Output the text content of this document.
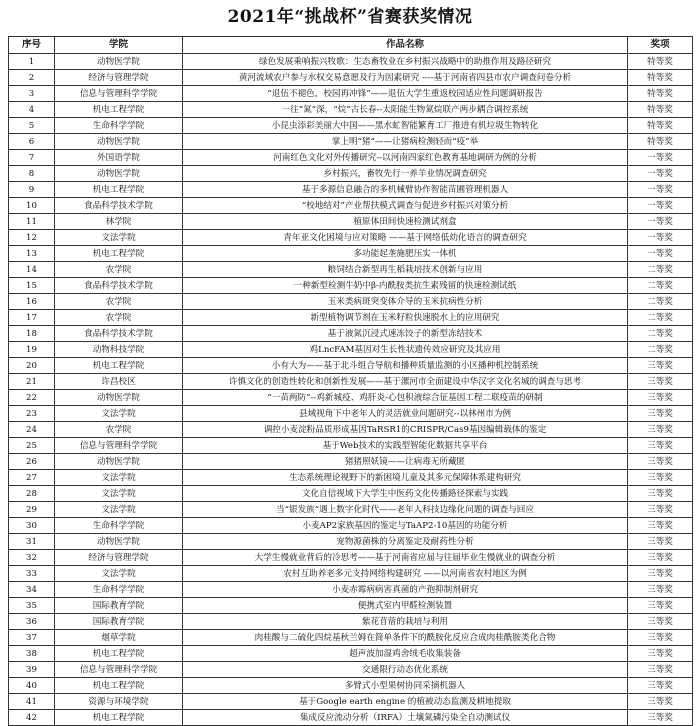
2021年“挑战杯”省赛获奖情况
序号	学院	作品名称	奖项
1	动物医学院	绿色发展乘响振兴牧歌：生态畜牧业在乡村振兴战略中的助推作用及路径研究	特等奖
2	经济与管理学院	黄河流域农户参与水权交易意愿及行为因素研究 ----基于河南省四县市农户调查问卷分析	特等奖
3	信息与管理科学学院	“退伍不褪色，校园再冲锋”——退伍大学生重返校园适应性问题调研报告	特等奖
4	机电工程学院	一往“氮”深，“烷”古长春--太阳能生物氮烷联产两步耦合调控系统	特等奖
5	生命科学学院	小昆虫添彩美丽大中国——黑水虻智能繁育工厂推进有机垃圾生物转化	特等奖
6	动物医学院	掌上明“猪”——让猪病检测轻而“疫”举	特等奖
7	外国语学院	河南红色文化对外传播研究--以河南四家红色教育基地调研为例的分析	一等奖
8	动物医学院	乡村振兴，畜牧先行一养羊业情况调查研究	一等奖
9	机电工程学院	基于多源信息融合的多机械臂协作智能苗圃管理机器人	一等奖
10	食品科学技术学院	“校地结对”产业帮扶模式调查与促进乡村振兴对策分析	一等奖
11	林学院	植原体田间快速检测试剂盒	一等奖
12	文法学院	青年亚文化困境与应对策略 ——基于网络低幼化语言的调查研究	一等奖
13	机电工程学院	多功能起垄施肥压实一体机	一等奖
14	农学院	粮饲结合新型再生稻栽培技术创新与应用	二等奖
15	食品科学技术学院	一种新型检测牛奶中β-内酰胺类抗生素残留的快速检测试纸	二等奖
16	农学院	玉米类病斑突变体介导的玉米抗病性分析	二等奖
17	农学院	新型植物调节剂在玉米籽粒快速脱水上的应用研究	二等奖
18	食品科学技术学院	基于液氮沉浸式速冻饺子的新型冻结技术	二等奖
19	动物科技学院	鸡LncFAM基因对生长性状遗传效应研究及其应用	二等奖
20	机电工程学院	小有大为——基于北斗组合导航和播种质量监测的小区播种机控制系统	三等奖
21	许昌校区	许慎文化的创造性转化和创新性发展——基于漯河市全面建设中华汉字文化名城的调查与思考	三等奖
22	动物医学院	“一苗两防”--鸡新城疫、鸡肝炎-心包积液综合征基因工程二联疫苗的研制	三等奖
23	文法学院	县域视角下中老年人的灵活就业问题研究--以林州市为例	三等奖
24	农学院	调控小麦淀粉品质形成基因TaRSR1的CRISPR/Cas9基因编辑载体的鉴定	三等奖
25	信息与管理科学学院	基于Web技术的实践型智能化数据共享平台	三等奖
26	动物医学院	猪猪照妖镜——让病毒无所藏匿	三等奖
27	文法学院	生态系统理论视野下的新困境儿童及其多元保障体系建构研究	三等奖
28	文法学院	文化自信视域下大学生中医药文化传播路径探索与实践	三等奖
29	文法学院	当“银发族”遇上数字化时代——老年人科技边缘化问题的调查与回应	三等奖
30	生命科学学院	小麦AP2家族基因的鉴定与TaAP2-10基因的功能分析	三等奖
31	动物医学院	宠物源菌株的分离鉴定及耐药性分析	三等奖
32	经济与管理学院	大学生慢就业背后的冷思考——基于河南省应届与往届毕业生慢就业的调查分析	三等奖
33	文法学院	农村互助养老多元支持网络构建研究 ——以河南省农村地区为例	三等奖
34	生命科学学院	小麦赤霉病病害真菌的产孢抑制剂研究	三等奖
35	国际教育学院	便携式室内甲醛检测装置	三等奖
36	国际教育学院	紫花苜蓿的栽培与利用	三等奖
37	烟草学院	肉桂酸与二硫化四烷基秋兰姆在简单条件下的酰胺化反应合成肉桂酰胺类化合物	三等奖
38	机电工程学院	超声波加湿鸡舍绒毛收集装备	三等奖
39	信息与管理科学学院	交通限行动态优化系统	三等奖
40	机电工程学院	多臂式小型果树协同采摘机器人	三等奖
41	资源与环境学院	基于Google earth engine 的植被动态监测及耕地提取	三等奖
42	机电工程学院	集成反应流动分析（IRFA）土壤氮磷污染全自动测试仪	三等奖
